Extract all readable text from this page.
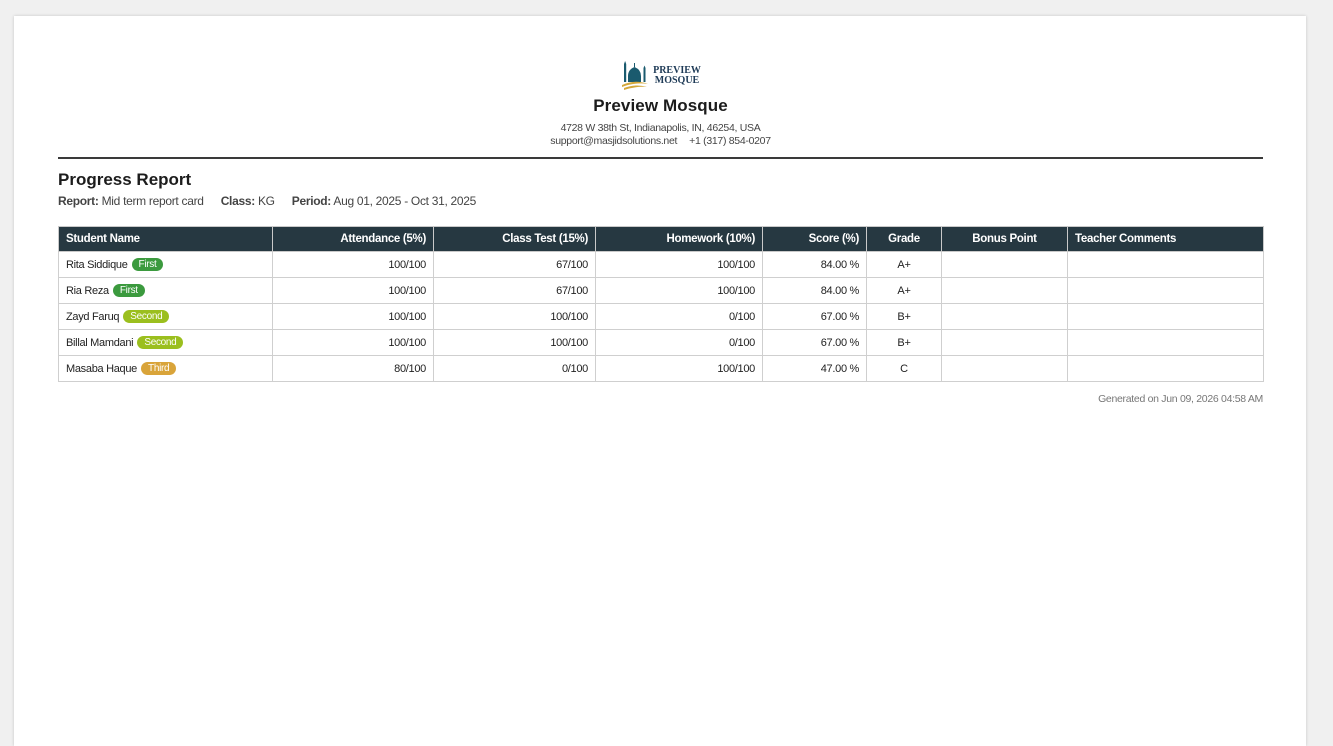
PREVIEW
MOSQUE
Preview Mosque
4728 W 38th St, Indianapolis, IN, 46254, USA
support@masjidsolutions.net +1 (317) 854-0207
Progress Report
Report: Mid term report card Class: KG Period: Aug 01, 2025 - Oct 31, 2025
Student Name	Attendance (5%)	Class Test (15%)	Homework (10%)	Score (%)	Grade	Bonus Point	Teacher Comments
Rita Siddique First	100/100	67/100	100/100	84.00 %	A+		
Ria Reza First	100/100	67/100	100/100	84.00 %	A+		
Zayd Faruq Second	100/100	100/100	0/100	67.00 %	B+		
Billal Mamdani Second	100/100	100/100	0/100	67.00 %	B+		
Masaba Haque Third	80/100	0/100	100/100	47.00 %	C		
Generated on Jun 09, 2026 04:58 AM
